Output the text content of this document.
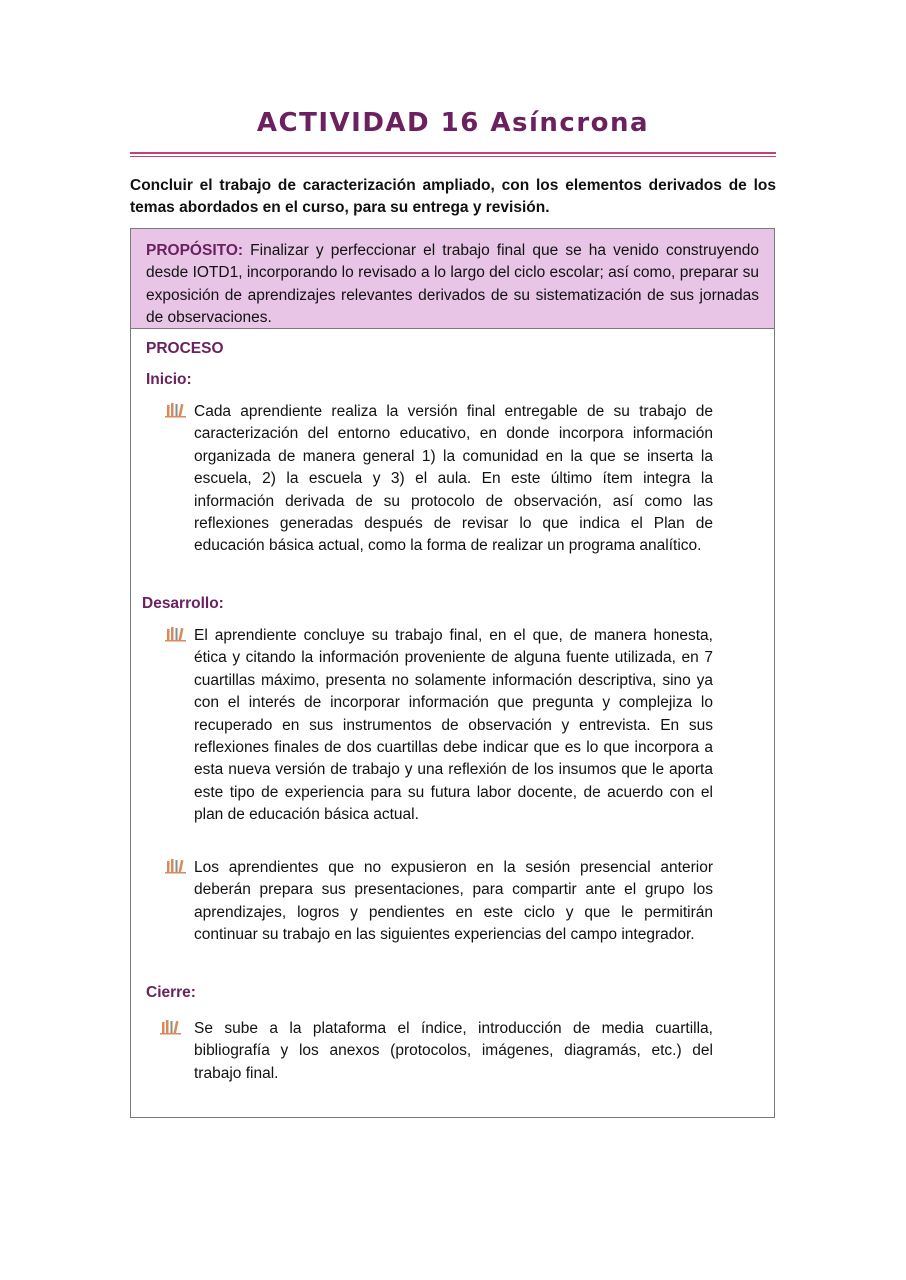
ACTIVIDAD 16 Asíncrona
Concluir el trabajo de caracterización ampliado, con los elementos derivados de los temas abordados en el curso, para su entrega y revisión.
PROPÓSITO: Finalizar y perfeccionar el trabajo final que se ha venido construyendo desde IOTD1, incorporando lo revisado a lo largo del ciclo escolar; así como, preparar su exposición de aprendizajes relevantes derivados de su sistematización de sus jornadas de observaciones.
PROCESO
Inicio:
Cada aprendiente realiza la versión final entregable de su trabajo de caracterización del entorno educativo, en donde incorpora información organizada de manera general 1) la comunidad en la que se inserta la escuela, 2) la escuela y 3) el aula. En este último ítem integra la información derivada de su protocolo de observación, así como las reflexiones generadas después de revisar lo que indica el Plan de educación básica actual, como la forma de realizar un programa analítico.
Desarrollo:
El aprendiente concluye su trabajo final, en el que, de manera honesta, ética y citando la información proveniente de alguna fuente utilizada, en 7 cuartillas máximo, presenta no solamente información descriptiva, sino ya con el interés de incorporar información que pregunta y complejiza lo recuperado en sus instrumentos de observación y entrevista. En sus reflexiones finales de dos cuartillas debe indicar que es lo que incorpora a esta nueva versión de trabajo y una reflexión de los insumos que le aporta este tipo de experiencia para su futura labor docente, de acuerdo con el plan de educación básica actual.
Los aprendientes que no expusieron en la sesión presencial anterior deberán prepara sus presentaciones, para compartir ante el grupo los aprendizajes, logros y pendientes en este ciclo y que le permitirán continuar su trabajo en las siguientes experiencias del campo integrador.
Cierre:
Se sube a la plataforma el índice, introducción de media cuartilla, bibliografía y los anexos (protocolos, imágenes, diagramás, etc.) del trabajo final.
